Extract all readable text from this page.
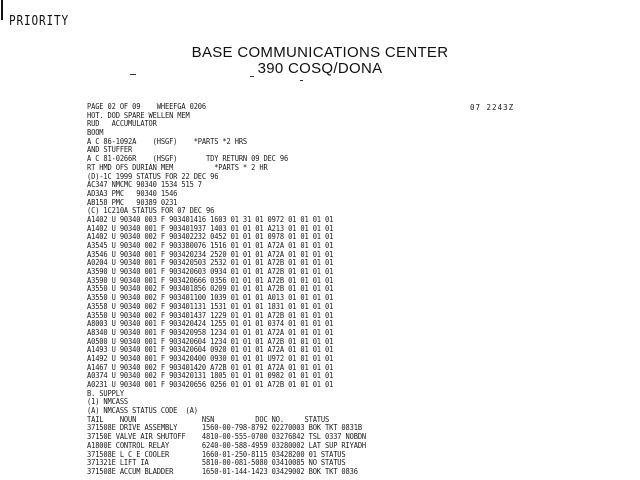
PRIORITY
BASE COMMUNICATIONS CENTER
390 COSQ/DONA
07 2243Z
PAGE 02 OF 09    WHEEFGA 0206
HOT. DOD SPARE WELLEN MEM
RUD   ACCUMULATOR
BOOM
A C 86-1092A    (HSGF)    *PARTS *2 HRS
AND STUFFER
A C 81-0266R    (HSGF)       TDY RETURN 09 DEC 96
RT HMD OFS DURIAN MEM          *PARTS * 2 HR
(D)-1C 1999 STATUS FOR 22 DEC 96
AC347 NMCMC 90340 1534 515 7
AD3A3 PMC   90340 1546
AB158 PMC   90389 0231
(C) 1C210A STATUS FOR 07 DEC 96
A1402 U 90340 003 F 903401416 1603 01 31 01 0972 01 01 01 01
A1402 U 90340 001 F 903401937 1403 01 01 01 A213 01 01 01 01
A1402 U 90340 002 F 903402232 0452 01 01 01 0978 01 01 01 01
A3545 U 90340 002 F 903380076 1516 01 01 01 A72A 01 01 01 01
A3546 U 90340 001 F 903420234 2520 01 01 01 A72A 01 01 01 01
A0204 U 90340 001 F 903420503 2532 01 01 01 A72B 01 01 01 01
A3590 U 90340 001 F 903420603 0934 01 01 01 A72B 01 01 01 01
A3590 U 90340 001 F 903420666 0356 01 01 01 A72B 01 01 01 01
A3550 U 90340 002 F 903401856 0209 01 01 01 A72B 01 01 01 01
A3550 U 90340 002 F 903401100 1039 01 01 01 A013 01 01 01 01
A3558 U 90340 002 F 903401131 1531 01 01 01 1831 01 01 01 01
A3550 U 90340 002 F 903401437 1229 01 01 01 A72B 01 01 01 01
A8003 U 90340 001 F 903420424 1255 01 01 01 0374 01 01 01 01
A8340 U 90340 001 F 903420958 1234 01 01 01 A72A 01 01 01 01
A0500 U 90340 001 F 903420604 1234 01 01 01 A72B 01 01 01 01
A1493 U 90340 001 F 903420604 0920 01 01 01 A72A 01 01 01 01
A1492 U 90340 001 F 903420400 0930 01 01 01 U972 01 01 01 01
A1467 U 90340 002 F 903401420 A72B 01 01 01 A72A 01 01 01 01
A0374 U 90340 002 F 903420131 1805 01 01 01 0982 01 01 01 01
A0231 U 90340 001 F 903420656 0256 01 01 01 A72B 01 01 01 01
B. SUPPLY
(1) NMCASS
(A) NMCASS STATUS CODE  (A)
TAIL    NOUN                NSN          DOC NO.     STATUS
371508E DRIVE ASSEMBLY      1560-00-798-8792 02270003 BOK TKT 0831B
37150E VALVE AIR SHUTOFF    4810-00-555-0700 03276842 TSL 0337 NOBDN
A1800E CONTROL RELAY        6240-00-588-4959 03280002 LAT SUP RIYADH
371508E L C E COOLER        1660-01-250-8115 03428200 01 STATUS
371321E LIFT IA             5810-00-081-5080 03410085 NO STATUS
371508E ACCUM BLADDER       1650-01-144-1423 03429002 BOK TKT 0836
